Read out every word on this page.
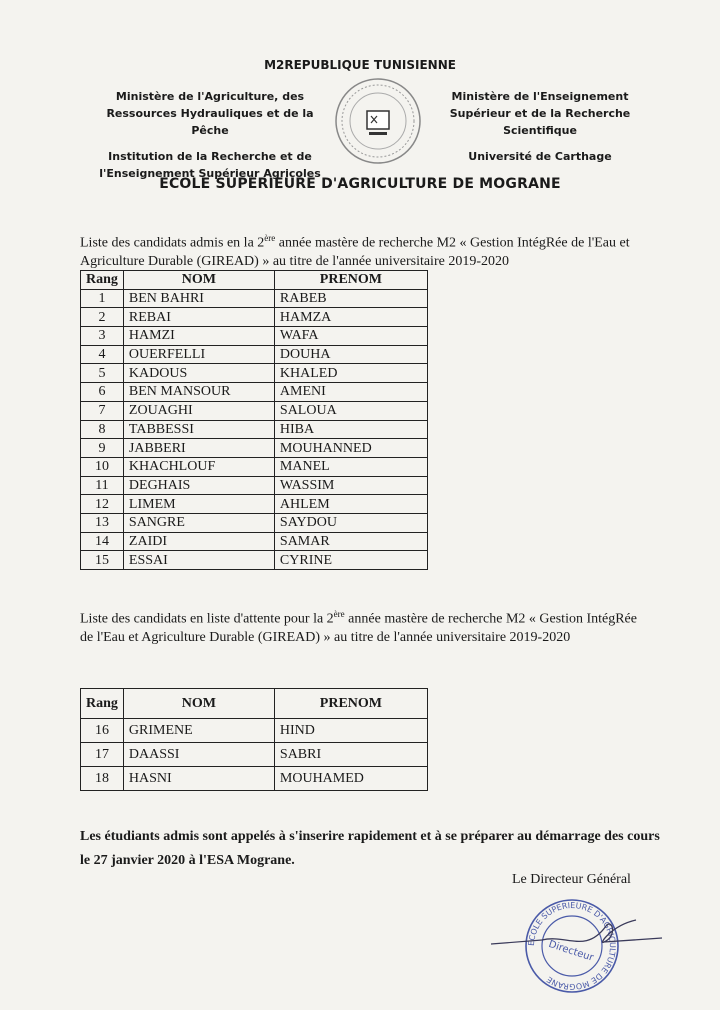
M2REPUBLIQUE TUNISIENNE
Ministère de l'Agriculture, des
Ressources Hydrauliques et de la Pêche
Institution de la Recherche et de
l'Enseignement Supérieur Agricoles
Ministère de l'Enseignement
Supérieur et de la Recherche
Scientifique
Université de Carthage
ECOLE SUPERIEURE D'AGRICULTURE DE MOGRANE
Liste des candidats admis en la 2ère année mastère de recherche M2 « Gestion IntégRée de l'Eau et Agriculture Durable (GIREAD) » au titre de l'année universitaire 2019-2020
Rang	NOM	PRENOM
1	BEN BAHRI	RABEB
2	REBAI	HAMZA
3	HAMZI	WAFA
4	OUERFELLI	DOUHA
5	KADOUS	KHALED
6	BEN MANSOUR	AMENI
7	ZOUAGHI	SALOUA
8	TABBESSI	HIBA
9	JABBERI	MOUHANNED
10	KHACHLOUF	MANEL
11	DEGHAIS	WASSIM
12	LIMEM	AHLEM
13	SANGRE	SAYDOU
14	ZAIDI	SAMAR
15	ESSAI	CYRINE
Liste des candidats en liste d'attente pour la 2ère année mastère de recherche M2 « Gestion IntégRée de l'Eau et Agriculture Durable (GIREAD) » au titre de l'année universitaire 2019-2020
Rang	NOM	PRENOM
16	GRIMENE	HIND
17	DAASSI	SABRI
18	HASNI	MOUHAMED
Les étudiants admis sont appelés à s'inserire rapidement et à se préparer au démarrage des cours le 27 janvier 2020 à l'ESA Mograne.
Le Directeur Général
ECOLE SUPERIEURE D'AGRICULTURE DE MOGRANE
Directeur
